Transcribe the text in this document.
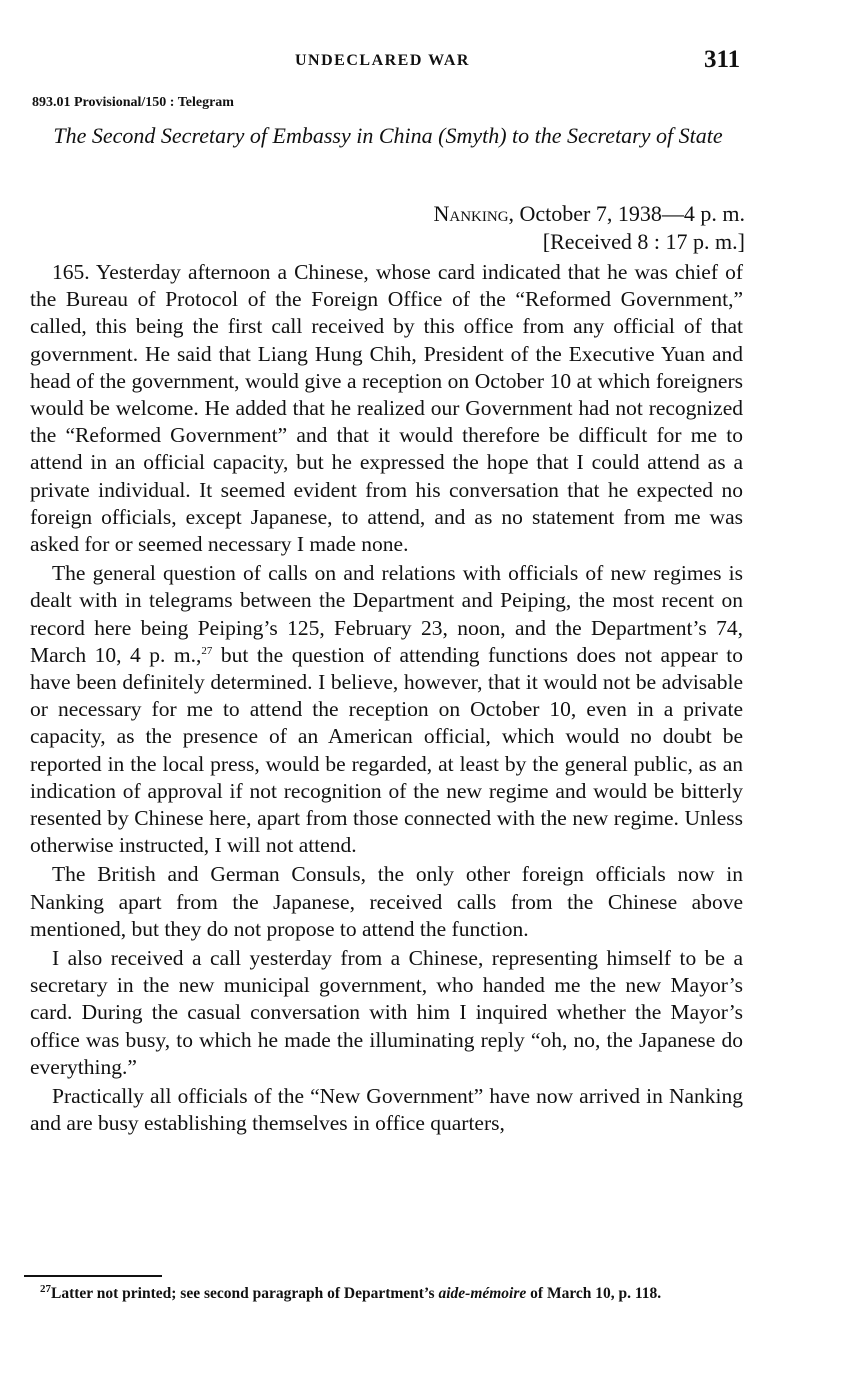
UNDECLARED WAR	311
893.01 Provisional/150 : Telegram
The Second Secretary of Embassy in China (Smyth) to the Secretary of State
Nanking, October 7, 1938—4 p. m.
[Received 8 : 17 p. m.]

165. Yesterday afternoon a Chinese, whose card indicated that he was chief of the Bureau of Protocol of the Foreign Office of the “Reformed Government,” called, this being the first call received by this office from any official of that government. He said that Liang Hung Chih, President of the Executive Yuan and head of the government, would give a reception on October 10 at which foreigners would be welcome. He added that he realized our Government had not recognized the “Reformed Government” and that it would therefore be difficult for me to attend in an official capacity, but he expressed the hope that I could attend as a private individual. It seemed evident from his conversation that he expected no foreign officials, except Japanese, to attend, and as no statement from me was asked for or seemed necessary I made none.

The general question of calls on and relations with officials of new regimes is dealt with in telegrams between the Department and Peiping, the most recent on record here being Peiping’s 125, February 23, noon, and the Department’s 74, March 10, 4 p. m.,$^{27}$ but the question of attending functions does not appear to have been definitely determined. I believe, however, that it would not be advisable or necessary for me to attend the reception on October 10, even in a private capacity, as the presence of an American official, which would no doubt be reported in the local press, would be regarded, at least by the general public, as an indication of approval if not recognition of the new regime and would be bitterly resented by Chinese here, apart from those connected with the new regime. Unless otherwise instructed, I will not attend.

The British and German Consuls, the only other foreign officials now in Nanking apart from the Japanese, received calls from the Chinese above mentioned, but they do not propose to attend the function.

I also received a call yesterday from a Chinese, representing himself to be a secretary in the new municipal government, who handed me the new Mayor’s card. During the casual conversation with him I inquired whether the Mayor’s office was busy, to which he made the illuminating reply “oh, no, the Japanese do everything.”

Practically all officials of the “New Government” have now arrived in Nanking and are busy establishing themselves in office quarters,

$^{27}$Latter not printed; see second paragraph of Department’s aide-mémoire of March 10, p. 118.
